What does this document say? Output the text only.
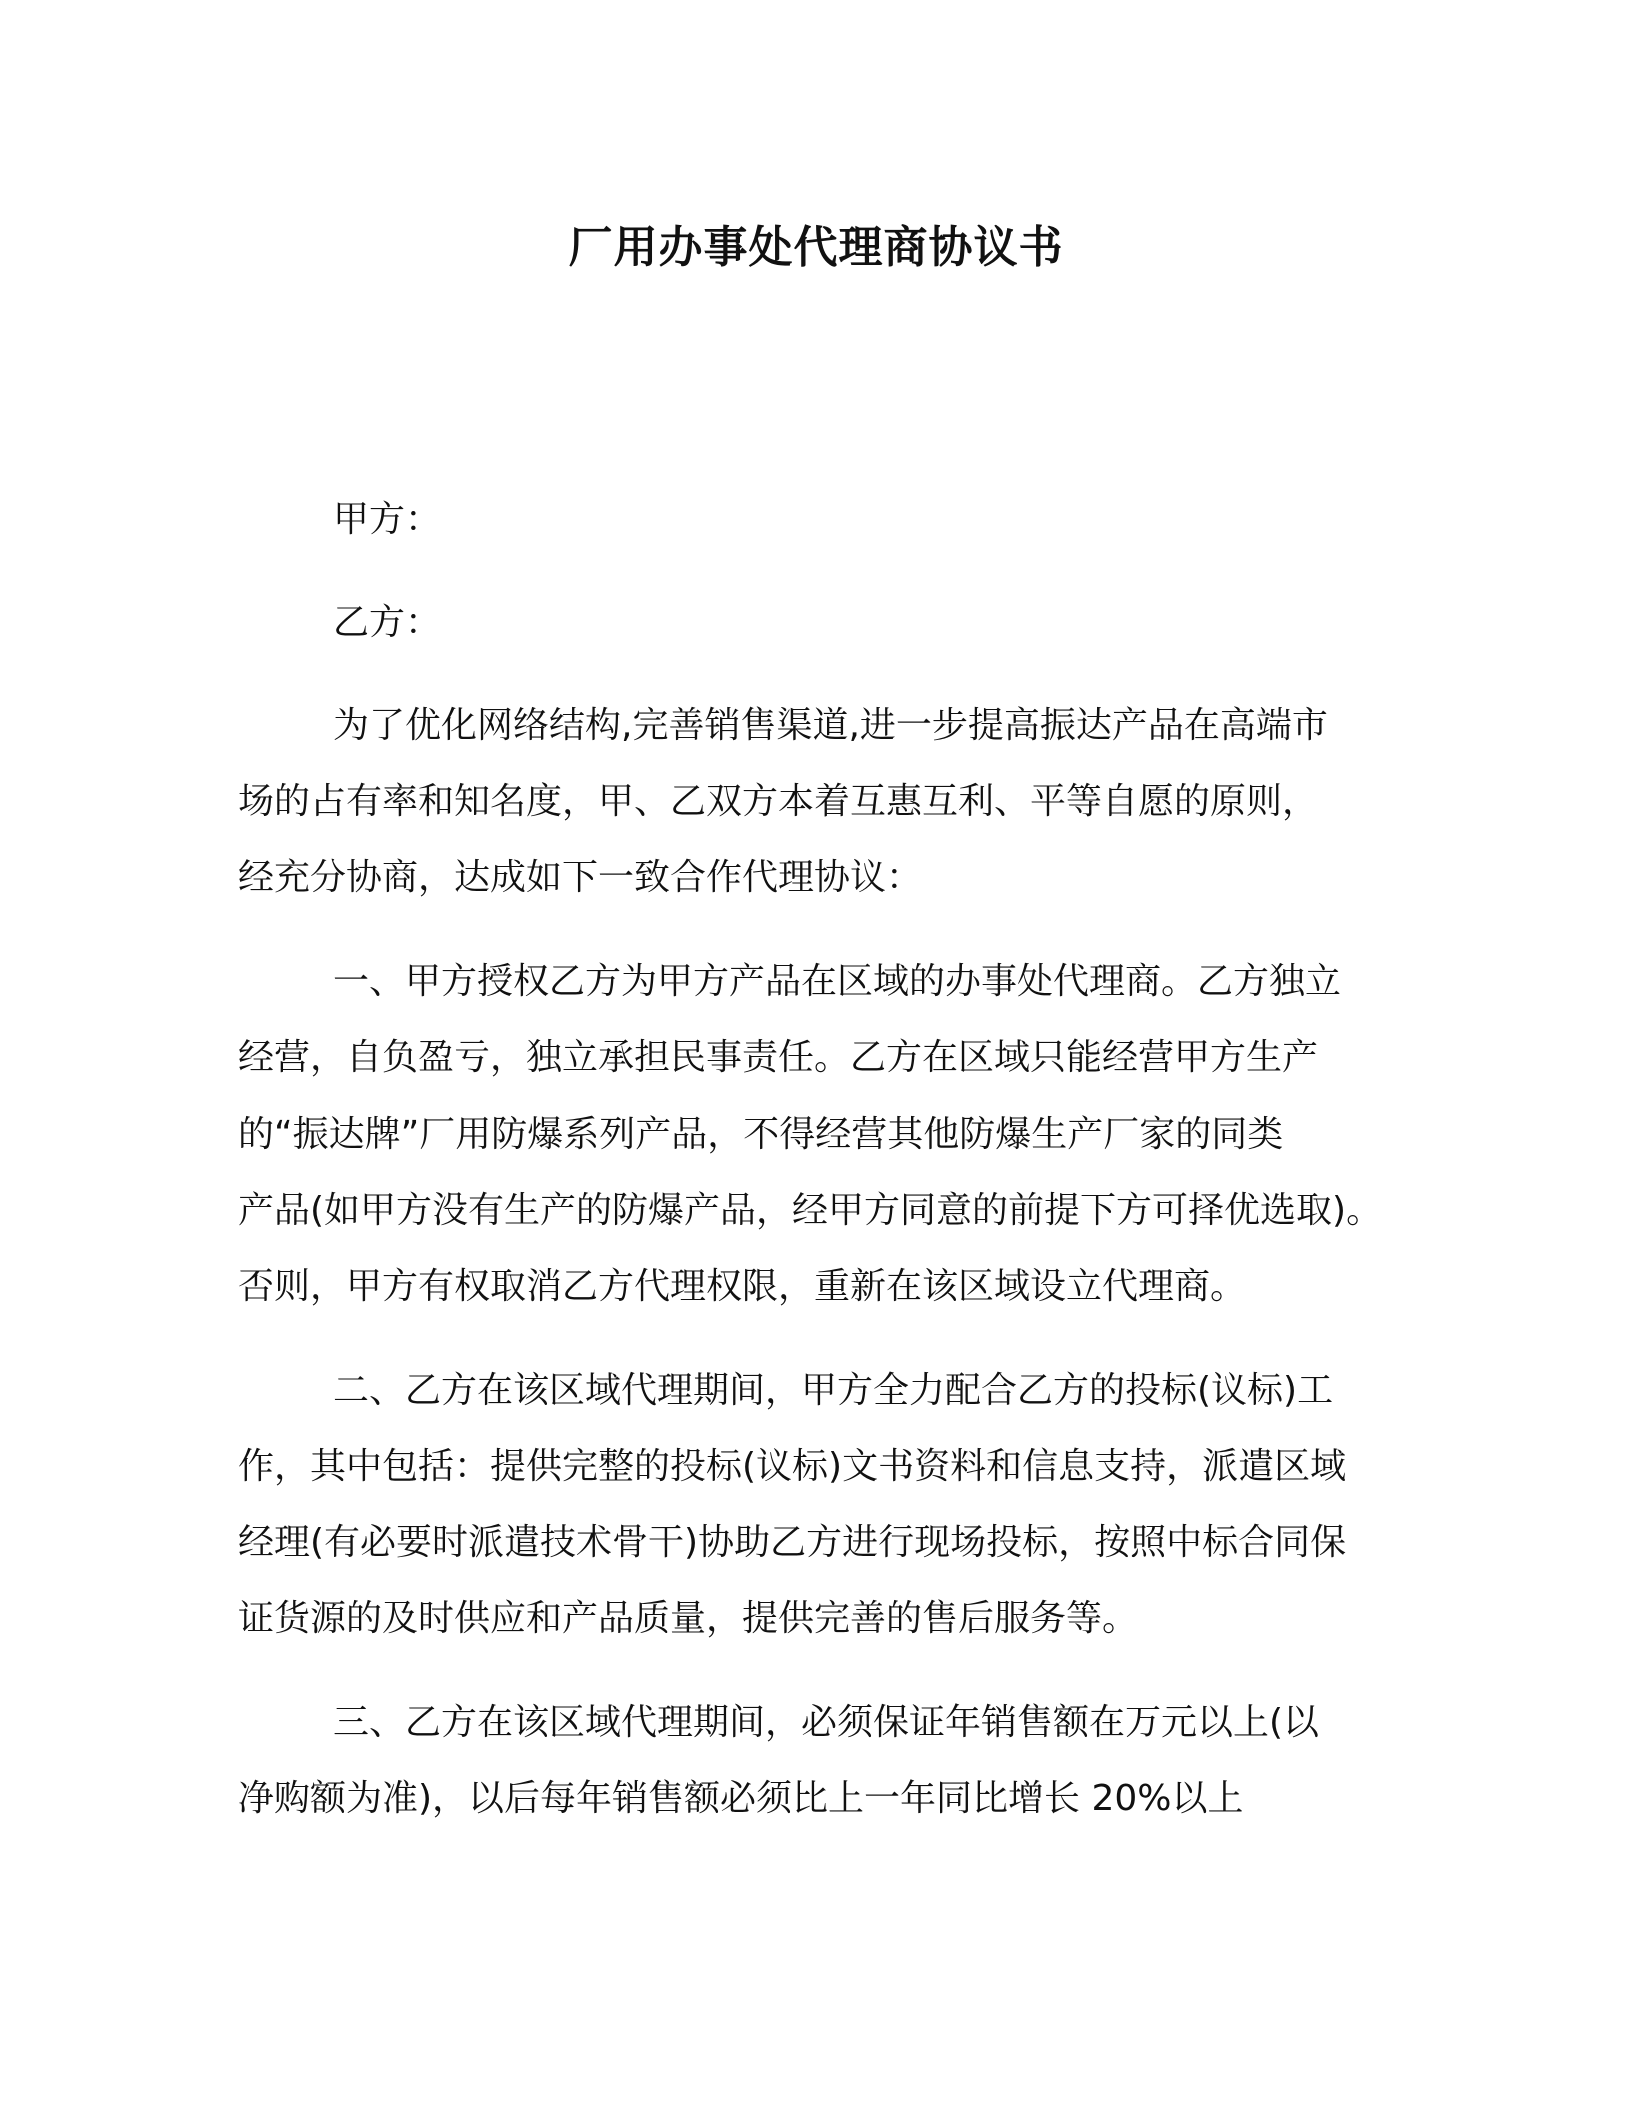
厂用办事处代理商协议书
甲方：
乙方：
为了优化网络结构,完善销售渠道,进一步提高振达产品在高端市
场的占有率和知名度，甲、乙双方本着互惠互利、平等自愿的原则，
经充分协商，达成如下一致合作代理协议：
一、甲方授权乙方为甲方产品在区域的办事处代理商。乙方独立
经营，自负盈亏，独立承担民事责任。乙方在区域只能经营甲方生产
的“振达牌”厂用防爆系列产品，不得经营其他防爆生产厂家的同类
产品(如甲方没有生产的防爆产品，经甲方同意的前提下方可择优选取)。
否则，甲方有权取消乙方代理权限，重新在该区域设立代理商。
二、乙方在该区域代理期间，甲方全力配合乙方的投标(议标)工
作，其中包括：提供完整的投标(议标)文书资料和信息支持，派遣区域
经理(有必要时派遣技术骨干)协助乙方进行现场投标，按照中标合同保
证货源的及时供应和产品质量，提供完善的售后服务等。
三、乙方在该区域代理期间，必须保证年销售额在万元以上(以
净购额为准)，以后每年销售额必须比上一年同比增长 20%以上
